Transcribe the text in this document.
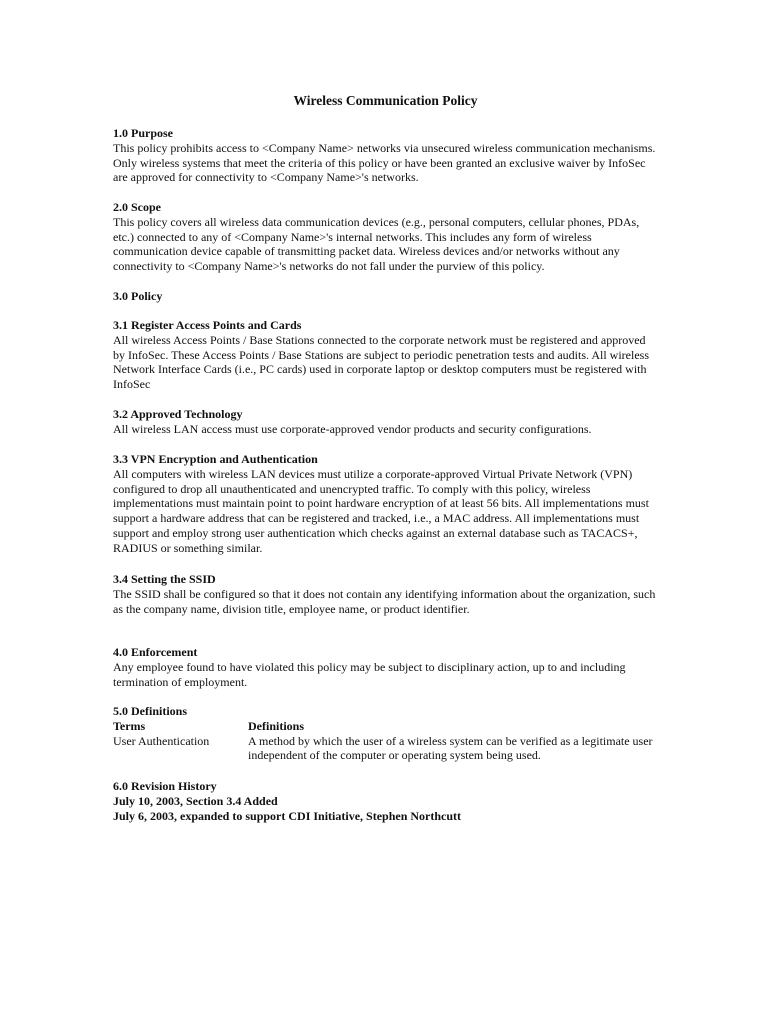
Wireless Communication Policy

1.0 Purpose

This policy prohibits access to <Company Name> networks via unsecured wireless communication mechanisms. Only wireless systems that meet the criteria of this policy or have been granted an exclusive waiver by InfoSec are approved for connectivity to <Company Name>'s networks.

2.0 Scope

This policy covers all wireless data communication devices (e.g., personal computers, cellular phones, PDAs, etc.) connected to any of <Company Name>'s internal networks. This includes any form of wireless communication device capable of transmitting packet data. Wireless devices and/or networks without any connectivity to <Company Name>'s networks do not fall under the purview of this policy.

3.0 Policy

3.1 Register Access Points and Cards

All wireless Access Points / Base Stations connected to the corporate network must be registered and approved by InfoSec. These Access Points / Base Stations are subject to periodic penetration tests and audits. All wireless Network Interface Cards (i.e., PC cards) used in corporate laptop or desktop computers must be registered with InfoSec

3.2 Approved Technology

All wireless LAN access must use corporate-approved vendor products and security configurations.

3.3 VPN Encryption and Authentication

All computers with wireless LAN devices must utilize a corporate-approved Virtual Private Network (VPN) configured to drop all unauthenticated and unencrypted traffic. To comply with this policy, wireless implementations must maintain point to point hardware encryption of at least 56 bits. All implementations must support a hardware address that can be registered and tracked, i.e., a MAC address. All implementations must support and employ strong user authentication which checks against an external database such as TACACS+, RADIUS or something similar.

3.4 Setting the SSID

The SSID shall be configured so that it does not contain any identifying information about the organization, such as the company name, division title, employee name, or product identifier.

4.0 Enforcement

Any employee found to have violated this policy may be subject to disciplinary action, up to and including termination of employment.

5.0 Definitions

Terms	Definitions
User Authentication	A method by which the user of a wireless system can be verified as a legitimate user independent of the computer or operating system being used.

6.0 Revision History

July 10, 2003, Section 3.4 Added

July 6, 2003, expanded to support CDI Initiative, Stephen Northcutt
